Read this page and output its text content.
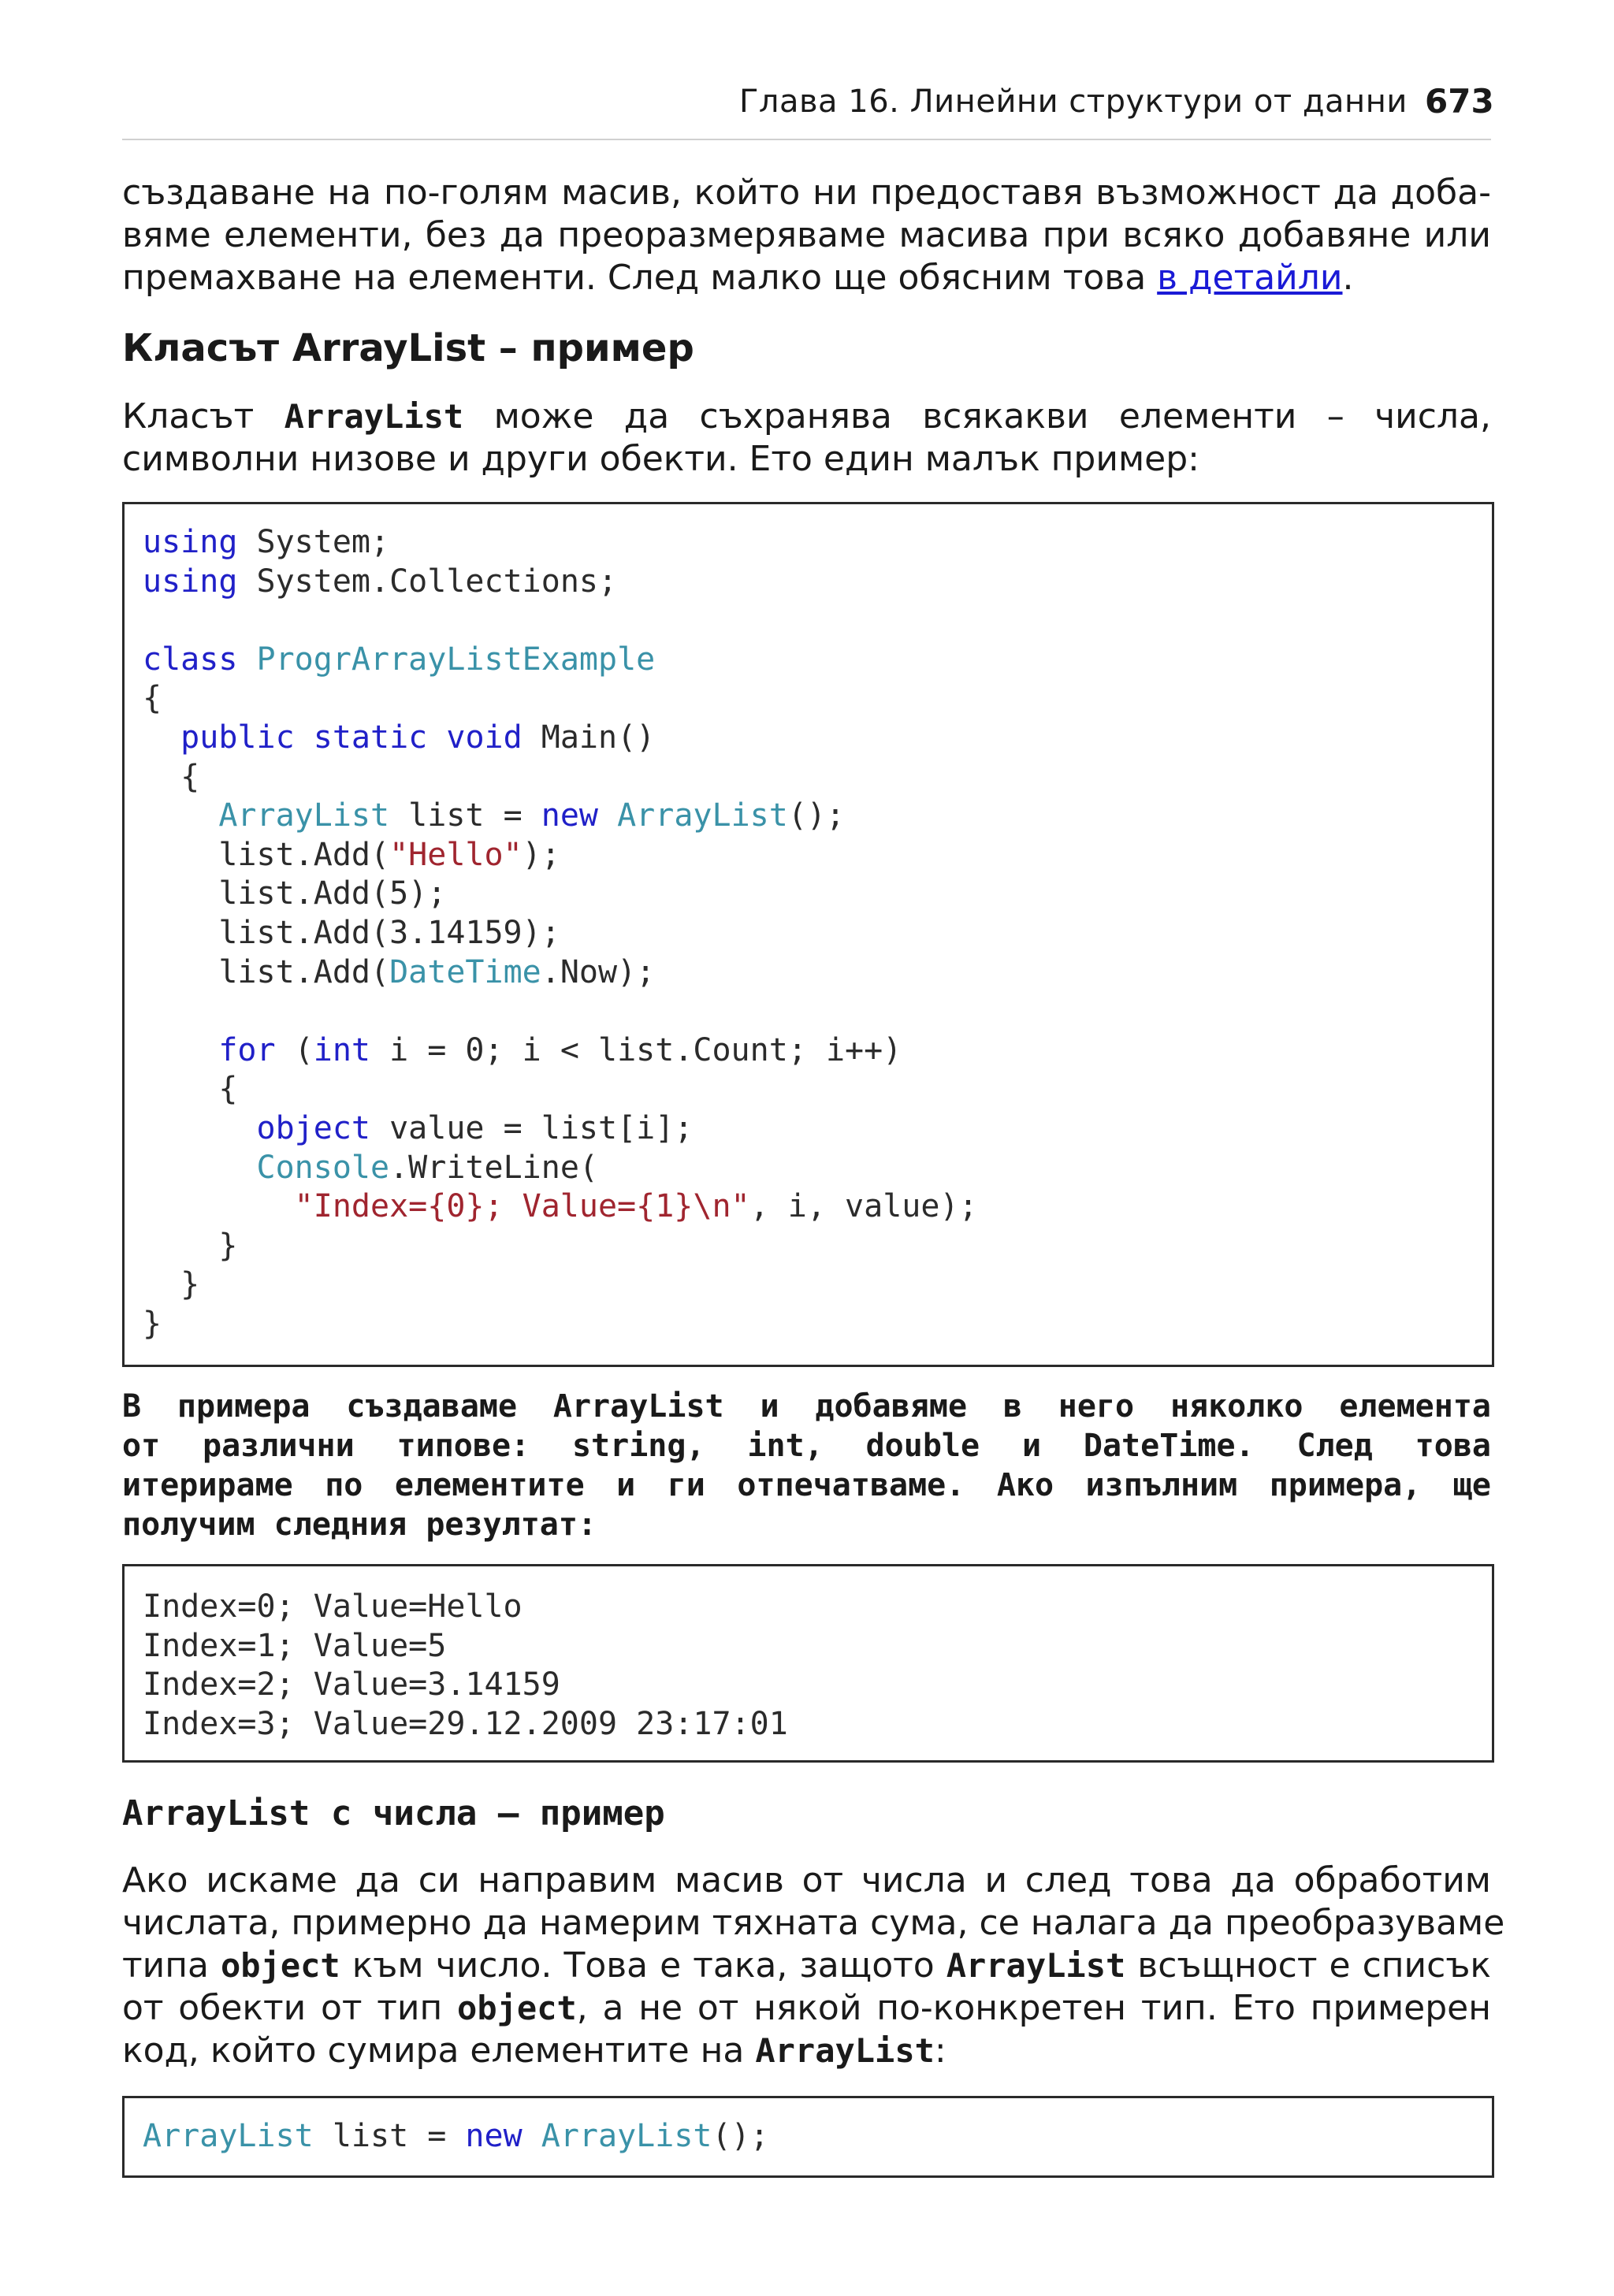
Глава 16. Линейни структури от данни 673
създаване на по-голям масив, който ни предоставя възможност да доба-
вяме елементи, без да преоразмеряваме масива при всяко добавяне или
премахване на елементи. След малко ще обясним това в детайли.
Класът ArrayList – пример
Класът ArrayList може да съхранява всякакви елементи – числа,
символни низове и други обекти. Ето един малък пример:
using System;
using System.Collections;

class ProgrArrayListExample
{
public static void Main()
{
ArrayList list = new ArrayList();
list.Add("Hello");
list.Add(5);
list.Add(3.14159);
list.Add(DateTime.Now);

for (int i = 0; i < list.Count; i++)
{
object value = list[i];
Console.WriteLine(
"Index={0}; Value={1}\n", i, value);
}
}
}
В примера създаваме ArrayList и добавяме в него няколко елемента
от различни типове: string, int, double и DateTime. След това
итерираме по елементите и ги отпечатваме. Ако изпълним примера, ще
получим следния резултат:
Index=0; Value=Hello
Index=1; Value=5
Index=2; Value=3.14159
Index=3; Value=29.12.2009 23:17:01
ArrayList с числа – пример
Ако искаме да си направим масив от числа и след това да обработим
числата, примерно да намерим тяхната сума, се налага да преобразуваме
типа object към число. Това е така, защото ArrayList всъщност е списък
от обекти от тип object, а не от някой по-конкретен тип. Ето примерен
код, който сумира елементите на ArrayList:
ArrayList list = new ArrayList();
